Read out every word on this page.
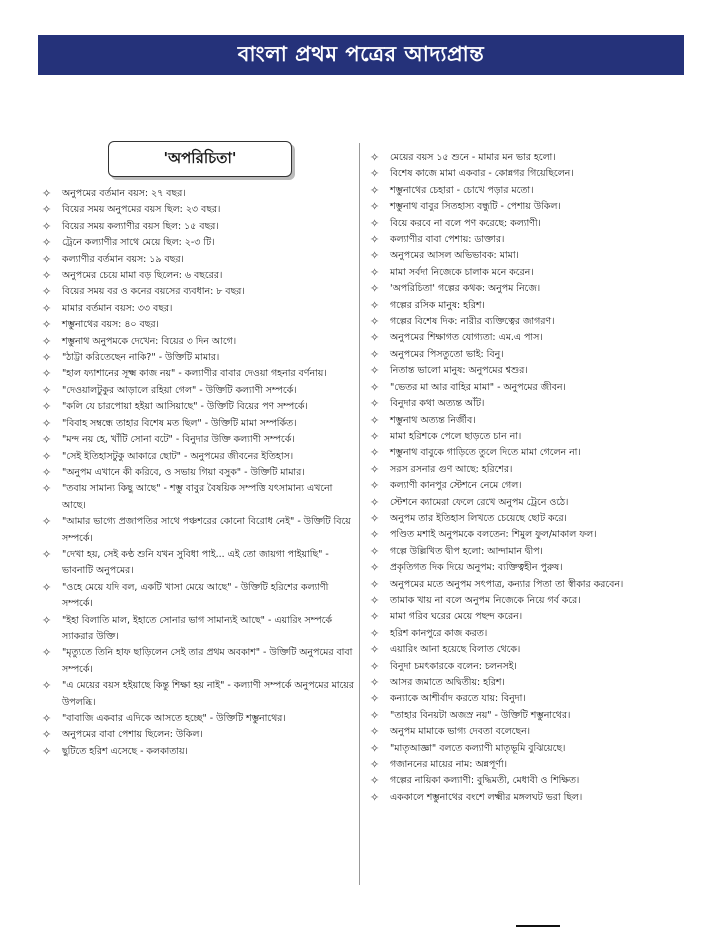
বাংলা প্রথম পত্রের আদ্যপ্রান্ত
'অপরিচিতা'
✧ অনুপমের বর্তমান বয়স: ২৭ বছর।
✧ বিয়ের সময় অনুপমের বয়স ছিল: ২৩ বছর।
✧ বিয়ের সময় কল্যাণীর বয়স ছিল: ১৫ বছর।
✧ ট্রেনে কল্যাণীর সাথে মেয়ে ছিল: ২-৩ টি।
✧ কল্যাণীর বর্তমান বয়স: ১৯ বছর।
✧ অনুপমের চেয়ে মামা বড় ছিলেন: ৬ বছরের।
✧ বিয়ের সময় বর ও কনের বয়সের ব্যবধান: ৮ বছর।
✧ মামার বর্তমান বয়স: ৩৩ বছর।
✧ শম্ভুনাথের বয়স: ৪০ বছর।
✧ শম্ভুনাথ অনুপমকে দেখেন: বিয়ের ৩ দিন আগে।
✧ "ঠাট্টা করিতেছেন নাকি?" - উক্তিটি মামার।
✧ "হাল ফ্যাশানের সূক্ষ্ম কাজ নয়" - কল্যাণীর বাবার দেওয়া গহনার বর্ণনায়।
✧ "দেওয়ালটুকুর আড়ালে রহিয়া গেল" - উক্তিটি কল্যাণী সম্পর্কে।
✧ "কলি যে চারপোয়া হইয়া আসিয়াছে" - উক্তিটি বিয়ের পণ সম্পর্কে।
✧ "বিবাহ সম্বন্ধে তাহার বিশেষ মত ছিল" - উক্তিটি মামা সম্পর্কিত।
✧ "মন্দ নয় হে, খাঁটি সোনা বটে" - বিনুদার উক্তি কল্যাণী সম্পর্কে।
✧ "সেই ইতিহাসটুকু আকারে ছোট" - অনুপমের জীবনের ইতিহাস।
✧ "অনুপম এখানে কী করিবে, ও সভায় গিয়া বসুক" - উক্তিটি মামার।
✧ "তবায় সামান্য কিছু আছে" - শম্ভু বাবুর বৈষয়িক সম্পত্তি যৎসামান্য এখনো আছে।
✧ "আমার ভাগ্যে প্রজাপতির সাথে পঞ্চশরের কোনো বিরোধ নেই" - উক্তিটি বিয়ে সম্পর্কে।
✧ "দেখা হয়, সেই কণ্ঠ শুনি যখন সুবিধা পাই... এই তো জায়গা পাইয়াছি" - ভাবনাটি অনুপমের।
✧ "ওহে মেয়ে যদি বল, একটি খাসা মেয়ে আছে" - উক্তিটি হরিশের কল্যাণী সম্পর্কে।
✧ "ইহা বিলাতি মাল, ইহাতে সোনার ভাগ সামান্যই আছে" - এয়ারিং সম্পর্কে স্যাকরার উক্তি।
✧ "মৃত্যুতে তিনি হাফ ছাড়িলেন সেই তার প্রথম অবকাশ" - উক্তিটি অনুপমের বাবা সম্পর্কে।
✧ "এ মেয়ের বয়স হইয়াছে কিন্তু শিক্ষা হয় নাই" - কল্যাণী সম্পর্কে অনুপমের মায়ের উপলব্ধি।
✧ "বাবাজি একবার এদিকে আসতে হচ্ছে" - উক্তিটি শম্ভুনাথের।
✧ অনুপমের বাবা পেশায় ছিলেন: উকিল।
✧ ছুটিতে হরিশ এসেছে - কলকাতায়।
✧ মেয়ের বয়স ১৫ শুনে - মামার মন ভার হলো।
✧ বিশেষ কাজে মামা একবার - কোন্নগর গিয়েছিলেন।
✧ শম্ভুনাথের চেহারা - চোখে পড়ার মতো।
✧ শম্ভুনাথ বাবুর সিতহাস্য বন্ধুটি - পেশায় উকিল।
✧ বিয়ে করবে না বলে পণ করেছে: কল্যাণী।
✧ কল্যাণীর বাবা পেশায়: ডাক্তার।
✧ অনুপমের আসল অভিভাবক: মামা।
✧ মামা সর্বদা নিজেকে চালাক মনে করেন।
✧ 'অপরিচিতা' গল্পের কথক: অনুপম নিজে।
✧ গল্পের রসিক মানুষ: হরিশ।
✧ গল্পের বিশেষ দিক: নারীর ব্যক্তিত্বের জাগরণ।
✧ অনুপমের শিক্ষাগত যোগ্যতা: এম.এ পাস।
✧ অনুপমের পিসতুতো ভাই: বিনু।
✧ নিতান্ত ভালো মানুষ: অনুপমের শ্বশুর।
✧ "ভেতর মা আর বাহির মামা" - অনুপমের জীবন।
✧ বিনুদার কথা অত্যন্ত আঁট।
✧ শম্ভুনাথ অত্যন্ত নির্জীব।
✧ মামা হরিশকে পেলে ছাড়তে চান না।
✧ শম্ভুনাথ বাবুকে গাড়িতে তুলে দিতে মামা গেলেন না।
✧ সরস রসনার গুণ আছে: হরিশের।
✧ কল্যাণী কানপুর স্টেশনে নেমে গেল।
✧ স্টেশনে ক্যামেরা ফেলে রেখে অনুপম ট্রেনে ওঠে।
✧ অনুপম তার ইতিহাস লিখতে চেয়েছে ছোট করে।
✧ পণ্ডিত মশাই অনুপমকে বলতেন: শিমুল ফুল/মাকাল ফল।
✧ গল্পে উল্লিখিত দ্বীপ হলো: আন্দামান দ্বীপ।
✧ প্রকৃতিগত দিক দিয়ে অনুপম: ব্যক্তিত্বহীন পুরুষ।
✧ অনুপমের মতে অনুপম সৎপাত্র, কন্যার পিতা তা স্বীকার করবেন।
✧ তামাক খায় না বলে অনুপম নিজেকে নিয়ে গর্ব করে।
✧ মামা গরিব ঘরের মেয়ে পছন্দ করেন।
✧ হরিশ কানপুরে কাজ করত।
✧ এয়ারিং আনা হয়েছে বিলাত থেকে।
✧ বিনুদা চমৎকারকে বলেন: চলনসই।
✧ আসর জমাতে অদ্বিতীয়: হরিশ।
✧ কন্যাকে আশীর্বাদ করতে যায়: বিনুদা।
✧ "তাহার বিনয়টা অজস্র নয়" - উক্তিটি শম্ভুনাথের।
✧ অনুপম মামাকে ভাগ্য দেবতা বলেছেন।
✧ "মাতৃআজ্ঞা" বলতে কল্যাণী মাতৃভূমি বুঝিয়েছে।
✧ গজাননের মায়ের নাম: অন্নপূর্ণা।
✧ গল্পের নায়িকা কল্যাণী: বুদ্ধিমতী, মেধাবী ও শিক্ষিত।
✧ এককালে শম্ভুনাথের বংশে লক্ষ্মীর মঙ্গলঘট ভরা ছিল।
